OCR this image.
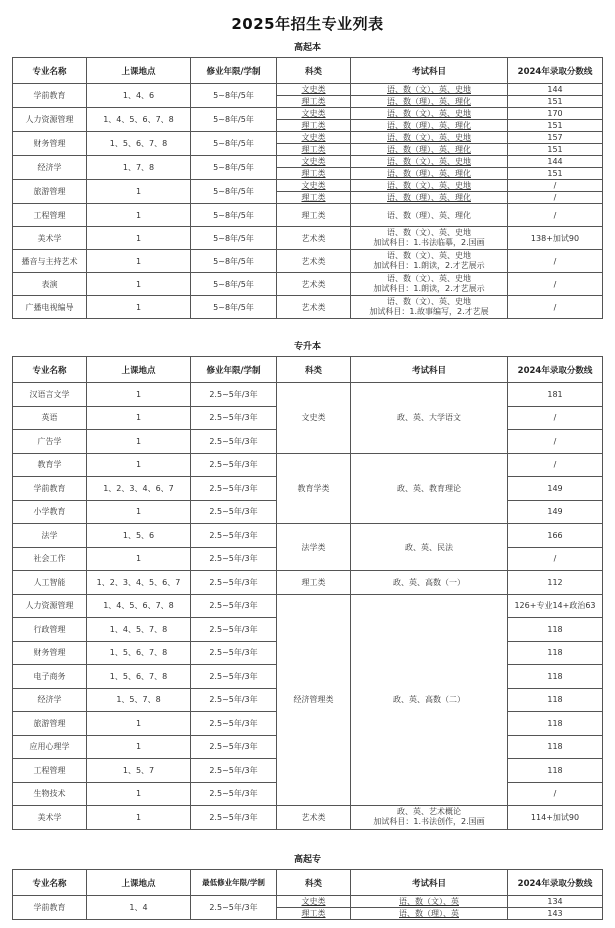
2025年招生专业列表
高起本
专业名称	上课地点	修业年限/学制	科类	考试科目	2024年录取分数线
学前教育	1、4、6	5~8年/5年	文史类	语、数（文）、英、史地	144
			理工类	语、数（理）、英、理化	151
人力资源管理	1、4、5、6、7、8	5~8年/5年	文史类	语、数（文）、英、史地	170
			理工类	语、数（理）、英、理化	151
财务管理	1、5、6、7、8	5~8年/5年	文史类	语、数（文）、英、史地	157
			理工类	语、数（理）、英、理化	151
经济学	1、7、8	5~8年/5年	文史类	语、数（文）、英、史地	144
			理工类	语、数（理）、英、理化	151
旅游管理	1	5~8年/5年	文史类	语、数（文）、英、史地	/
			理工类	语、数（理）、英、理化	/
工程管理	1	5~8年/5年	理工类	语、数（理）、英、理化	/
美术学	1	5~8年/5年	艺术类	语、数（文）、英、史地
加试科目：1.书法临摹，2.国画	138+加试90
播音与主持艺术	1	5~8年/5年	艺术类	语、数（文）、英、史地
加试科目：1.朗读，2.才艺展示	/
表演	1	5~8年/5年	艺术类	语、数（文）、英、史地
加试科目：1.朗读，2.才艺展示	/
广播电视编导	1	5~8年/5年	艺术类	语、数（文）、英、史地
加试科目：1.故事编写，2.才艺展	/
专升本
专业名称	上课地点	修业年限/学制	科类	考试科目	2024年录取分数线
汉语言文学	1	2.5~5年/3年	文史类	政、英、大学语文	181
英语	1	2.5~5年/3年			/
广告学	1	2.5~5年/3年			/
教育学	1	2.5~5年/3年	教育学类	政、英、教育理论	/
学前教育	1、2、3、4、6、7	2.5~5年/3年			149
小学教育	1	2.5~5年/3年			149
法学	1、5、6	2.5~5年/3年	法学类	政、英、民法	166
社会工作	1	2.5~5年/3年			/
人工智能	1、2、3、4、5、6、7	2.5~5年/3年	理工类	政、英、高数（一）	112
人力资源管理	1、4、5、6、7、8	2.5~5年/3年	经济管理类	政、英、高数（二）	126+专业14+政治63
行政管理	1、4、5、7、8	2.5~5年/3年			118
财务管理	1、5、6、7、8	2.5~5年/3年			118
电子商务	1、5、6、7、8	2.5~5年/3年			118
经济学	1、5、7、8	2.5~5年/3年			118
旅游管理	1	2.5~5年/3年			118
应用心理学	1	2.5~5年/3年			118
工程管理	1、5、7	2.5~5年/3年			118
生物技术	1	2.5~5年/3年			/
美术学	1	2.5~5年/3年	艺术类	政、英、艺术概论
加试科目：1.书法创作，2.国画	114+加试90
高起专
专业名称	上课地点	最低修业年限/学制	科类	考试科目	2024年录取分数线
学前教育	1、4	2.5~5年/3年	文史类	语、数（文）、英	134
			理工类	语、数（理）、英	143
